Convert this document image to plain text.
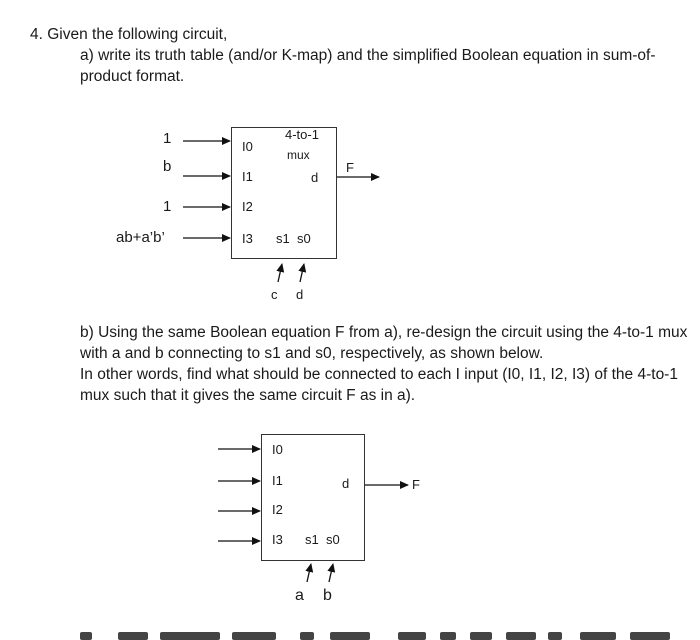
4. Given the following circuit,
a) write its truth table (and/or K-map) and the simplified Boolean equation in sum-of-
product format.
1
b
1
ab+a’b’
4-to-1
mux
I0
I1
I2
I3
d
s1  s0
F
c d
b) Using the same Boolean equation F from a), re-design the circuit using the 4-to-1 mux
with a and b connecting to s1 and s0, respectively, as shown below.
In other words, find what should be connected to each I input (I0, I1, I2, I3) of the 4-to-1
mux such that it gives the same circuit F as in a).
I0
I1
I2
I3
d
s1  s0
F
a b
